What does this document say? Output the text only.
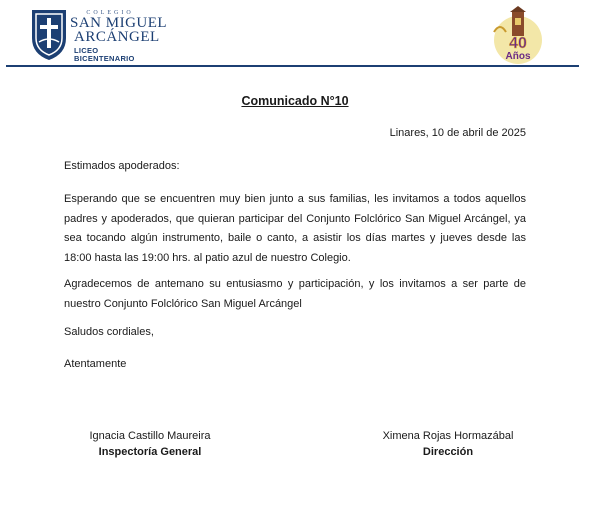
COLEGIO
SAN MIGUEL
ARCÁNGEL
LICEO
BICENTENARIO
40
Años
Comunicado N°10
Linares, 10 de abril de 2025
Estimados apoderados:
Esperando que se encuentren muy bien junto a sus familias, les invitamos a todos aquellos padres y apoderados, que quieran participar del Conjunto Folclórico San Miguel Arcángel, ya sea tocando algún instrumento, baile o canto, a asistir los días martes y jueves desde las 18:00 hasta las 19:00 hrs. al patio azul de nuestro Colegio.
Agradecemos de antemano su entusiasmo y participación, y los invitamos a ser parte de nuestro Conjunto Folclórico San Miguel Arcángel
Saludos cordiales,
Atentamente
Ignacia Castillo Maureira
Inspectoría General
Ximena Rojas Hormazábal
Dirección
